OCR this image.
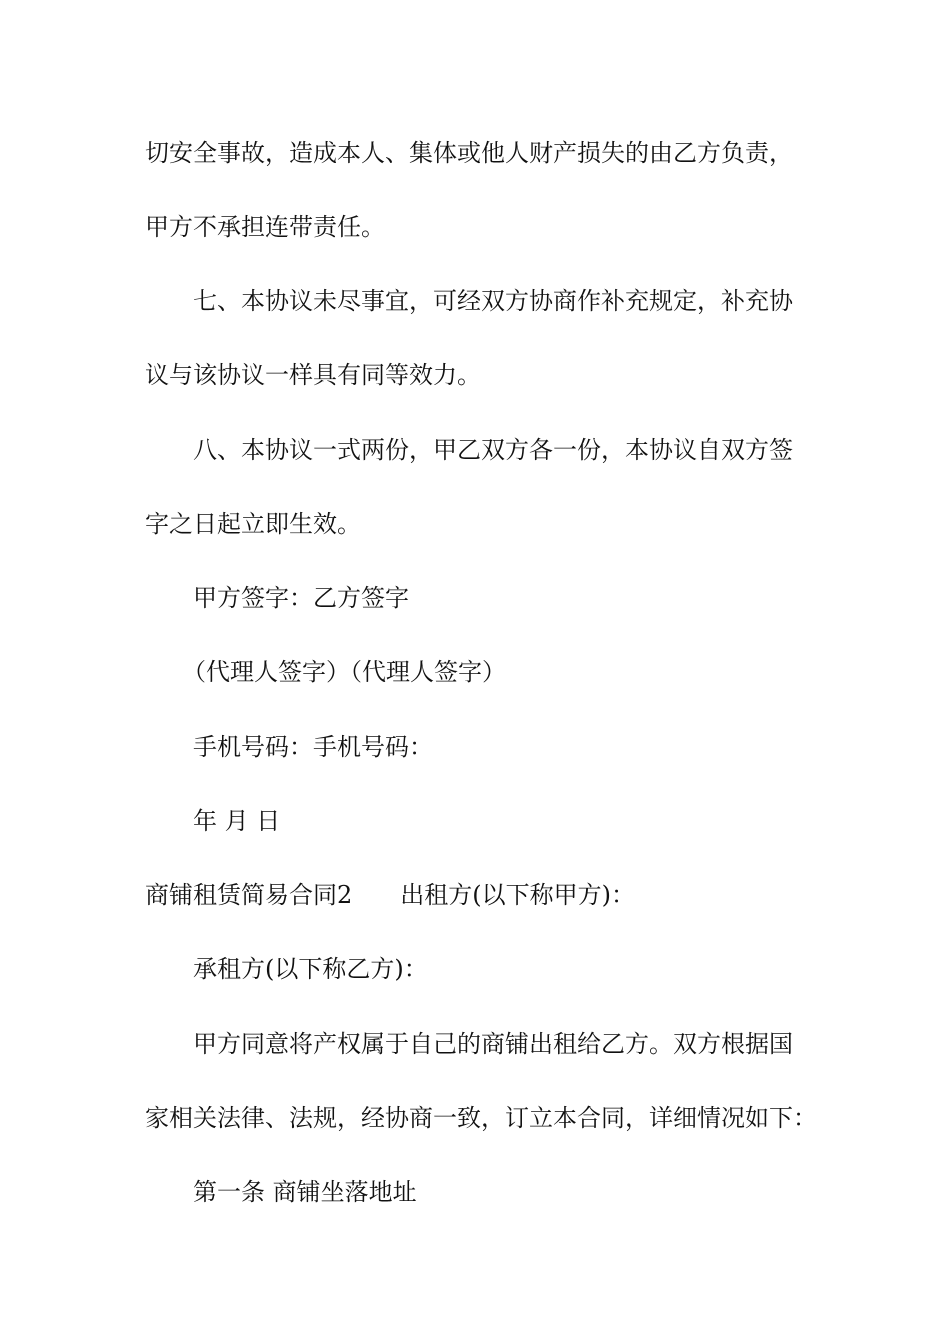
切安全事故，造成本人、集体或他人财产损失的由乙方负责，
甲方不承担连带责任。
七、本协议未尽事宜，可经双方协商作补充规定，补充协
议与该协议一样具有同等效力。
八、本协议一式两份，甲乙双方各一份，本协议自双方签
字之日起立即生效。
甲方签字：乙方签字
（代理人签字）（代理人签字）
手机号码：手机号码：
年 月 日
商铺租赁简易合同2 出租方(以下称甲方)：
承租方(以下称乙方)：
甲方同意将产权属于自己的商铺出租给乙方。双方根据国
家相关法律、法规，经协商一致，订立本合同，详细情况如下：
第一条 商铺坐落地址
